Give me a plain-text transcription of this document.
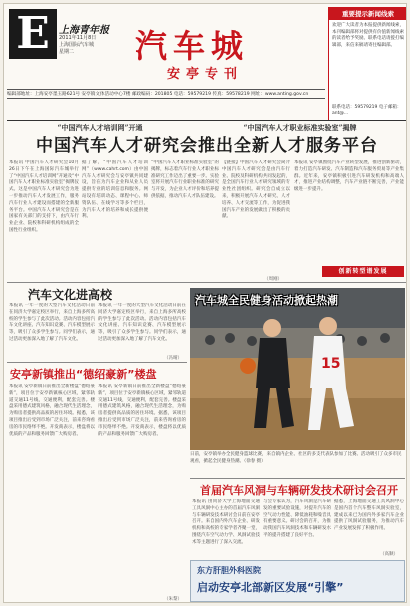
E 上海青年报
2011年11月8日
上海国际汽车城
星期二	汽车城
安亭专刊
编辑部地址：上海安亭墨玉路621号 安亭镇文体活动中心7楼 邮政编码：201805 电话：59579219 传真：59578219 网址：www.anting.gov.cn
重要提示新闻线索
欢迎广大读者为本报提供新闻线索，本刊编辑部将对提供有价值新闻线索的读者给予奖励。联系电话请拨打编辑部，来信来稿请寄往编辑部。
联系电话：59579219 电子邮箱：ant@...
“中国汽车人才培训网”开通	“中国汽车人才职业标准实验室”揭牌
中国汽车人才研究会推出全新人才服务平台
本报讯 中国汽车人才研究会10月26日下午在上海国际汽车城举行了“中国汽车人才培训网”开通及“中国汽车人才职业标准实验室”揭牌仪式。这是中国汽车人才研究会为进一步推动汽车人才发展工作，服务汽车行业人才建设而搭建的全新服务平台。中国汽车人才研究会是在国家有关部门的支持下，由汽车行业企业、院校和科研机构组成的全国性行业组织。
据了解，“中国汽车人才培训网”（www.cahrt.com）由中国汽车人才研究会与安亭镇共同建设，旨在为汽车企业和从业人员提供专业的培训信息和服务。网站设有培训动态、课程中心、师资队伍、在线学习等多个栏目，为汽车人才的培养和成长提供便利。
“中国汽车人才职业标准实验室”的揭牌，标志着汽车行业人才职业标准研究工作迈出了重要一步。实验室将开展汽车行业职业标准的研究与开发，为企业人才评价和培养提供依据，推动汽车人才队伍建设。
【链接】中国汽车人才研究会简介 中国汽车人才研究会是由汽车行业、院校及科研机构共同发起的，是全国汽车行业人才研究领域的专业性社团组织。研究会自成立以来，积极开展汽车人才研究、人才培养、人才交流等工作，为促进我国汽车产业的发展做出了积极的贡献。
（周刚）
本报讯 安亭镇围绕汽车产业转型发展，推进创新驱动，着力打造汽车研发、汽车制造和汽车服务贸易等产业集群。近年来，安亭镇积极引进汽车研发机构和高端人才，推进产业结构调整，汽车产业链不断完善，产业能级进一步提升。
创新转型谱发展
汽车文化进高校
本报讯 一年一度的大型汽车文化活动日前在同济大学嘉定校区举行，来自上海多所高校的学生参与了此次活动。活动内容包括汽车文化讲座、汽车知识竞赛、汽车模型展示等，吸引了众多学生参与。同学们表示，通过活动更加深入地了解了汽车文化。
本报讯 一年一度的大型汽车文化活动日前在同济大学嘉定校区举行，来自上海多所高校的学生参与了此次活动。活动内容包括汽车文化讲座、汽车知识竞赛、汽车模型展示等，吸引了众多学生参与。同学们表示，通过活动更加深入地了解了汽车文化。
（冯晴）
安亭新镇推出“德绍豪新”楼盘
本报讯 安亭新镇日前推出全新楼盘“德绍豪新”，项目位于安亭新镇核心区域，紧邻轨道交通11号线，交通便利，配套完善。楼盘采用德式建筑风格，融合现代生活理念，为购房者提供高品质的居住环境。据悉，该项目推出后受到市场广泛关注，前来咨询看房的市民络绎不绝。开发商表示，楼盘将以优质的产品和服务回馈广大购房者。
本报讯 安亭新镇日前推出全新楼盘“德绍豪新”，项目位于安亭新镇核心区域，紧邻轨道交通11号线，交通便利，配套完善。楼盘采用德式建筑风格，融合现代生活理念，为购房者提供高品质的居住环境。据悉，该项目推出后受到市场广泛关注，前来咨询看房的市民络绎不绝。开发商表示，楼盘将以优质的产品和服务回馈广大购房者。
（朱黎）
15
汽车城全民健身活动掀起热潮
日前，安亭镇举办全民健身篮球比赛，来自镇内企业、社区的多支代表队参加了比赛。活动吸引了众多市民观看，掀起全民健身热潮。（徐春 摄）
首届汽车风洞与车辆研发技术研讨会召开
本报讯 由同济大学上海地面交通工具风洞中心主办的首届汽车风洞与车辆研发技术研讨会日前在安亭召开。来自国内外汽车企业、研发机构和高校的专家学者齐聚一堂，围绕汽车空气动力学、风洞试验技术等主题进行了深入交流。
与会专家认为，汽车风洞是汽车研发的重要试验设施，对提升汽车的空气动力性能、降低油耗和噪音具有重要意义。研讨会的召开，为推动我国汽车风洞技术和车辆研发水平的提升搭建了良好平台。
据悉，上海地面交通工具风洞中心是国内首个汽车整车风洞实验室，建成以来已为国内外多家汽车企业提供了风洞试验服务，为推动汽车产业发展发挥了积极作用。
（高顺）
东方肝胆外科医院
启动安亭北部新区发展“引擎”
